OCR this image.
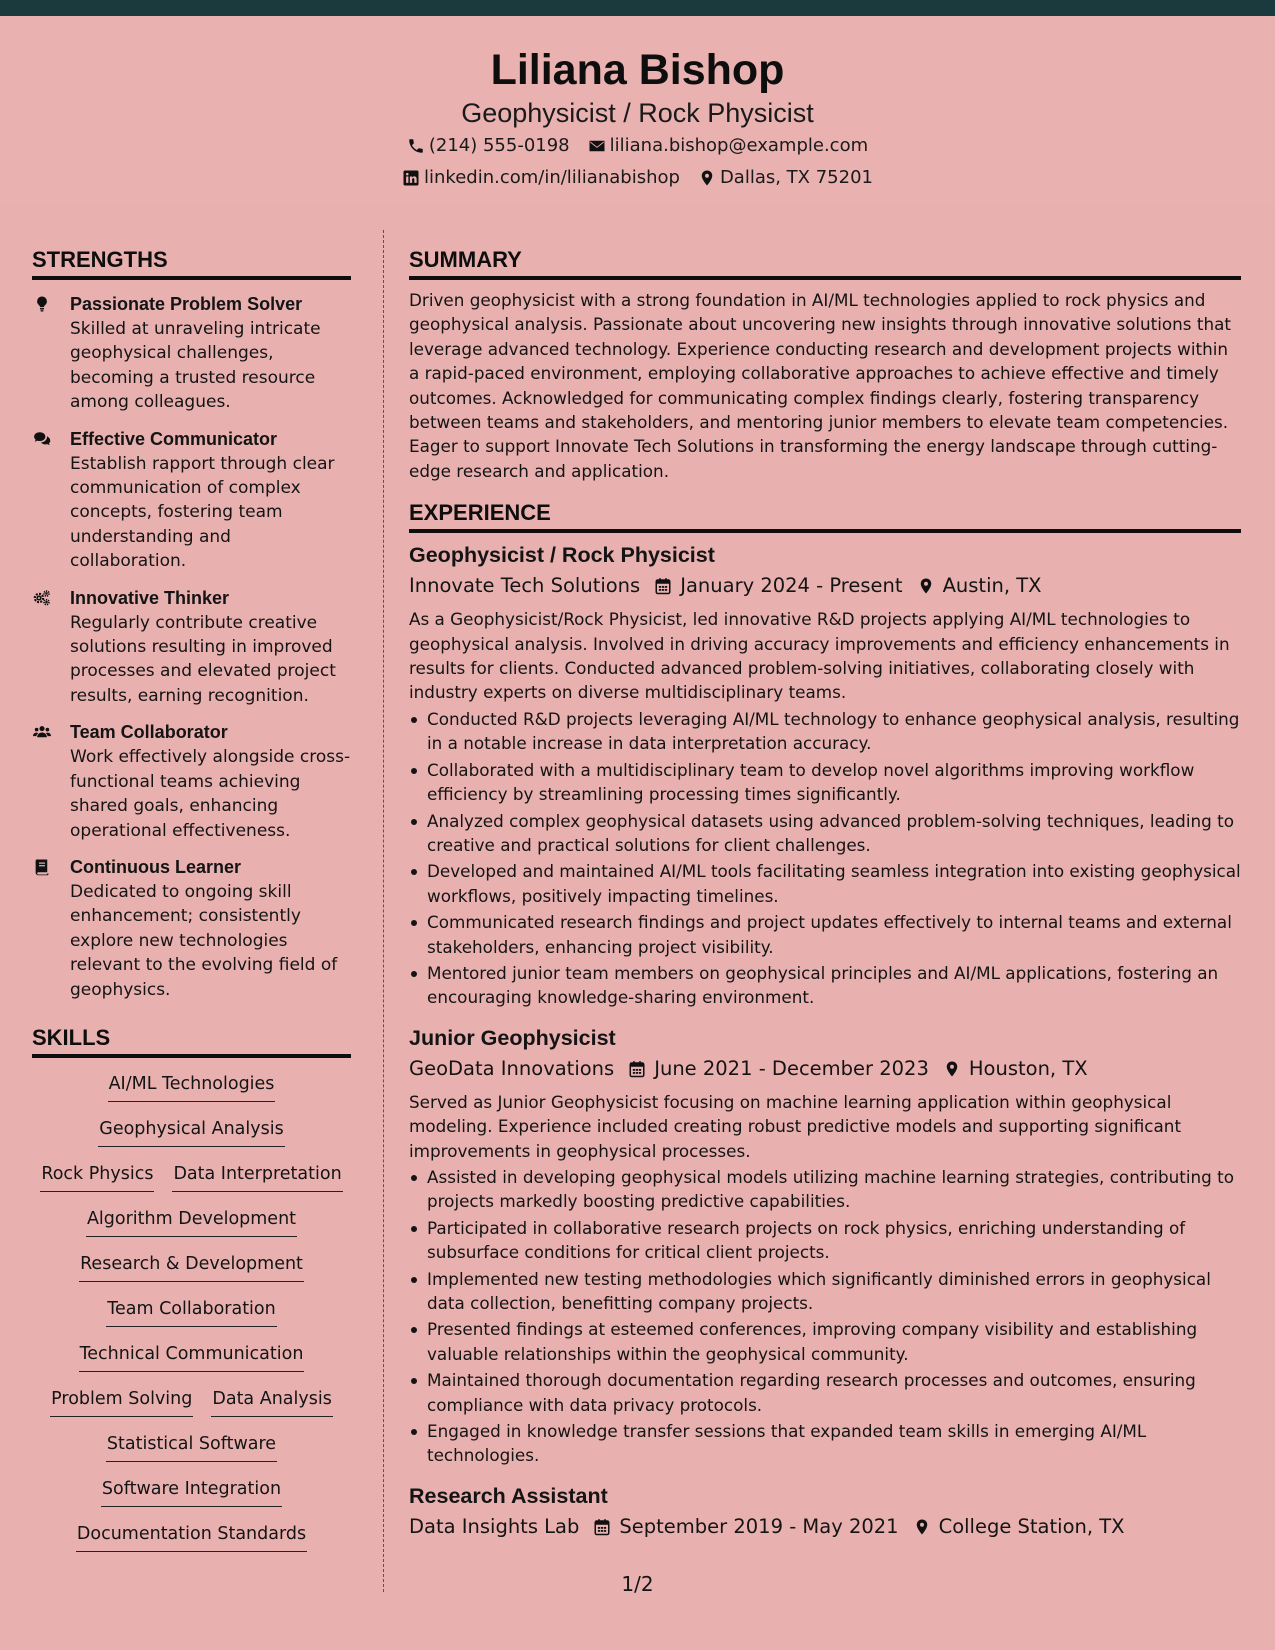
Liliana Bishop
Geophysicist / Rock Physicist
(214) 555-0198 liliana.bishop@example.com
linkedin.com/in/lilianabishop Dallas, TX 75201
STRENGTHS
Passionate Problem Solver
Skilled at unraveling intricate geophysical challenges, becoming a trusted resource among colleagues.
Effective Communicator
Establish rapport through clear communication of complex concepts, fostering team understanding and collaboration.
Innovative Thinker
Regularly contribute creative solutions resulting in improved processes and elevated project results, earning recognition.
Team Collaborator
Work effectively alongside cross-functional teams achieving shared goals, enhancing operational effectiveness.
Continuous Learner
Dedicated to ongoing skill enhancement; consistently explore new technologies relevant to the evolving field of geophysics.
SKILLS
AI/ML Technologies
Geophysical Analysis
Rock Physics Data Interpretation
Algorithm Development
Research & Development
Team Collaboration
Technical Communication
Problem Solving Data Analysis
Statistical Software
Software Integration
Documentation Standards
SUMMARY
Driven geophysicist with a strong foundation in AI/ML technologies applied to rock physics and geophysical analysis. Passionate about uncovering new insights through innovative solutions that leverage advanced technology. Experience conducting research and development projects within a rapid-paced environment, employing collaborative approaches to achieve effective and timely outcomes. Acknowledged for communicating complex findings clearly, fostering transparency between teams and stakeholders, and mentoring junior members to elevate team competencies. Eager to support Innovate Tech Solutions in transforming the energy landscape through cutting-edge research and application.
EXPERIENCE
Geophysicist / Rock Physicist
Innovate Tech Solutions January 2024 - Present Austin, TX
As a Geophysicist/Rock Physicist, led innovative R&D projects applying AI/ML technologies to geophysical analysis. Involved in driving accuracy improvements and efficiency enhancements in results for clients. Conducted advanced problem-solving initiatives, collaborating closely with industry experts on diverse multidisciplinary teams.
Conducted R&D projects leveraging AI/ML technology to enhance geophysical analysis, resulting in a notable increase in data interpretation accuracy.
Collaborated with a multidisciplinary team to develop novel algorithms improving workflow efficiency by streamlining processing times significantly.
Analyzed complex geophysical datasets using advanced problem-solving techniques, leading to creative and practical solutions for client challenges.
Developed and maintained AI/ML tools facilitating seamless integration into existing geophysical workflows, positively impacting timelines.
Communicated research findings and project updates effectively to internal teams and external stakeholders, enhancing project visibility.
Mentored junior team members on geophysical principles and AI/ML applications, fostering an encouraging knowledge-sharing environment.
Junior Geophysicist
GeoData Innovations June 2021 - December 2023 Houston, TX
Served as Junior Geophysicist focusing on machine learning application within geophysical modeling. Experience included creating robust predictive models and supporting significant improvements in geophysical processes.
Assisted in developing geophysical models utilizing machine learning strategies, contributing to projects markedly boosting predictive capabilities.
Participated in collaborative research projects on rock physics, enriching understanding of subsurface conditions for critical client projects.
Implemented new testing methodologies which significantly diminished errors in geophysical data collection, benefitting company projects.
Presented findings at esteemed conferences, improving company visibility and establishing valuable relationships within the geophysical community.
Maintained thorough documentation regarding research processes and outcomes, ensuring compliance with data privacy protocols.
Engaged in knowledge transfer sessions that expanded team skills in emerging AI/ML technologies.
Research Assistant
Data Insights Lab September 2019 - May 2021 College Station, TX
1/2
